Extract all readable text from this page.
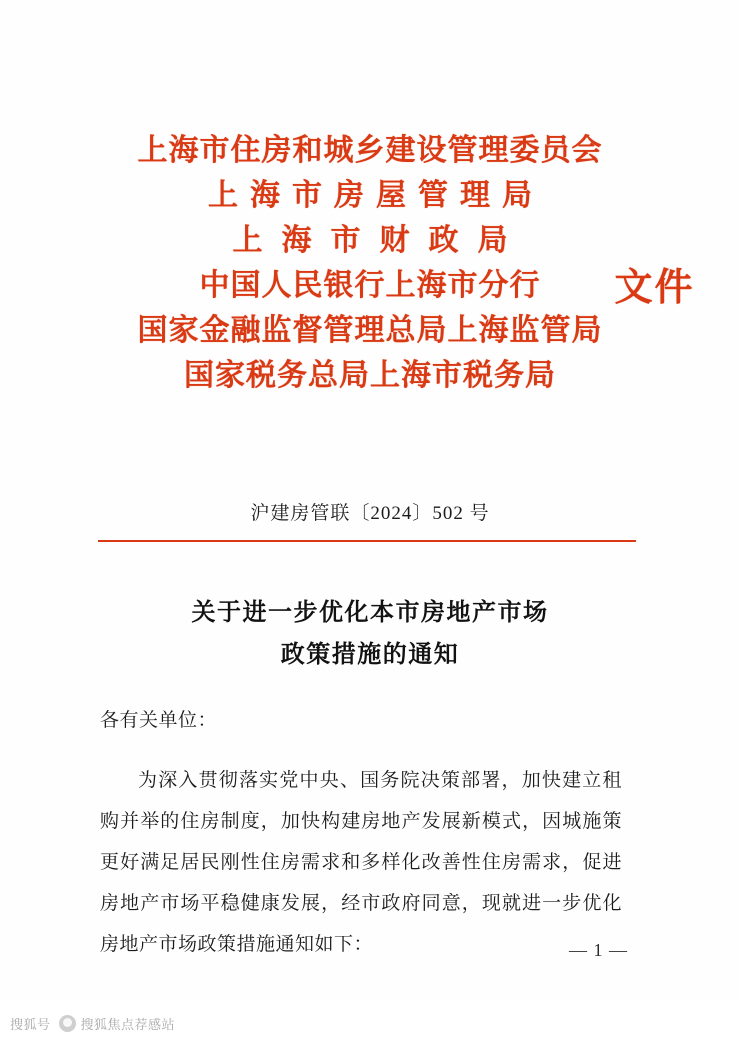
上海市住房和城乡建设管理委员会
上海市房屋管理局
上海市财政局
中国人民银行上海市分行
国家金融监督管理总局上海监管局
国家税务总局上海市税务局
文件
沪建房管联〔2024〕502 号
关于进一步优化本市房地产市场
政策措施的通知
各有关单位：

为深入贯彻落实党中央、国务院决策部署，加快建立租购并举的住房制度，加快构建房地产发展新模式，因城施策更好满足居民刚性住房需求和多样化改善性住房需求，促进房地产市场平稳健康发展，经市政府同意，现就进一步优化房地产市场政策措施通知如下：	— 1 —
搜狐号 搜狐焦点荐感站
